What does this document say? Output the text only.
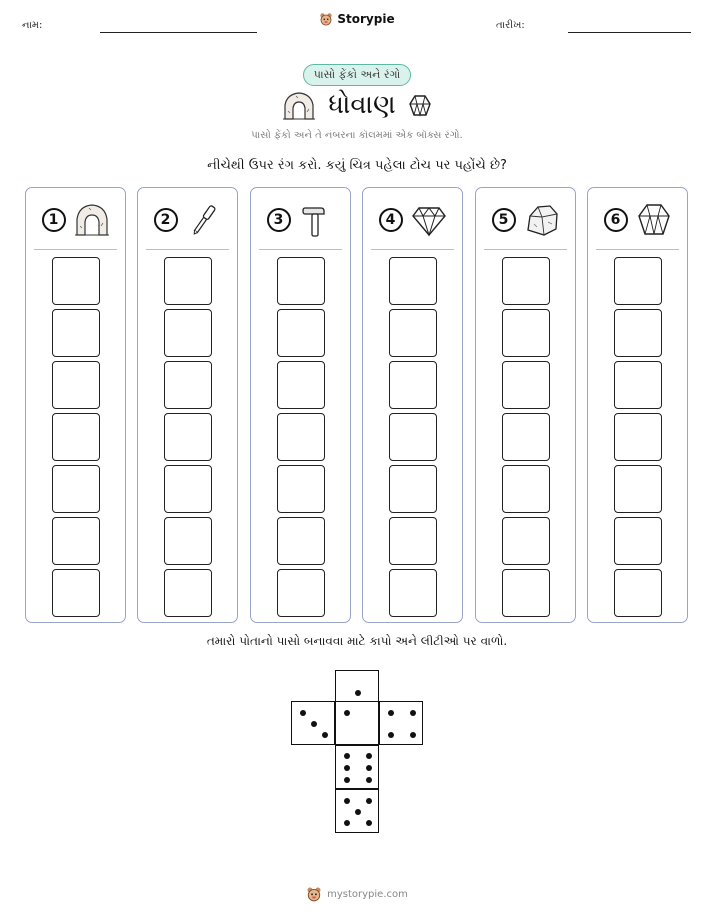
નામ:	Storypie	તારીખ:
પાસો ફેંકો અને રંગો
ધોવાણ
પાસો ફેંકો અને તે નંબરના કૉલમમાં એક બૉક્સ રંગો.
નીચેથી ઉપર રંગ કરો. કયું ચિત્ર પહેલા ટોચ પર પહોંચે છે?
1	2	3	4	5	6
તમારો પોતાનો પાસો બનાવવા માટે કાપો અને લીટીઓ પર વાળો.
mystorypie.com
